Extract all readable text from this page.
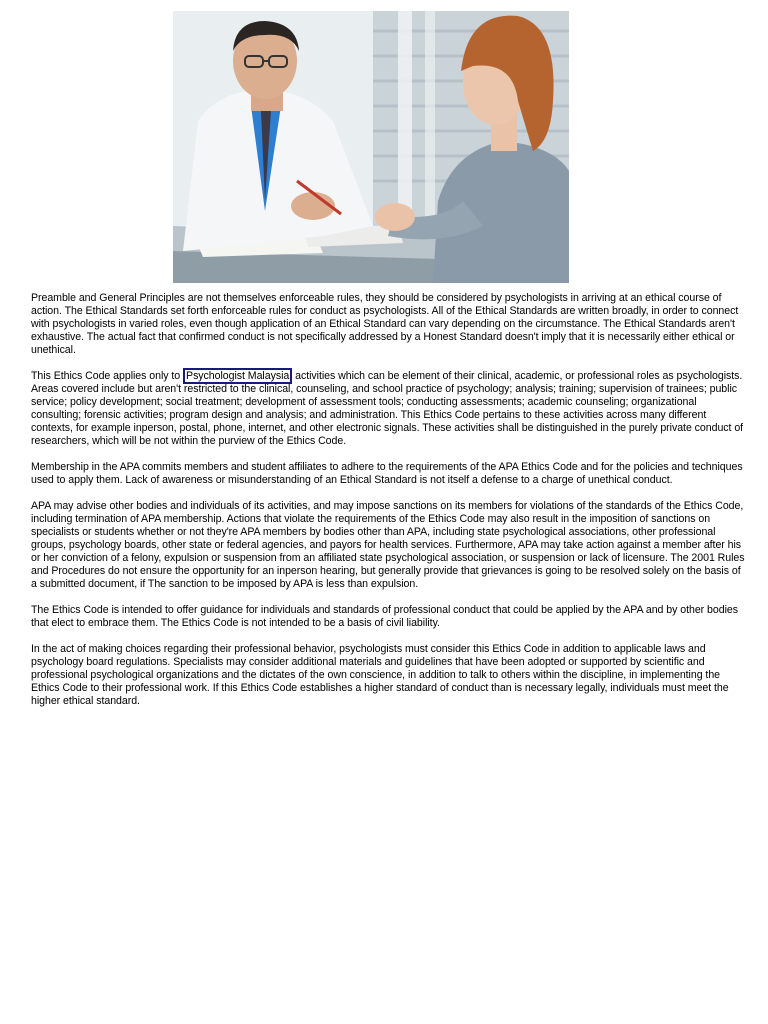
Preamble and General Principles are not themselves enforceable rules, they should be considered by psychologists in arriving at an ethical course of action. The Ethical Standards set forth enforceable rules for conduct as psychologists. All of the Ethical Standards are written broadly, in order to connect with psychologists in varied roles, even though application of an Ethical Standard can vary depending on the circumstance. The Ethical Standards aren't exhaustive. The actual fact that confirmed conduct is not specifically addressed by a Honest Standard doesn't imply that it is necessarily either ethical or unethical.

This Ethics Code applies only to Psychologist Malaysia activities which can be element of their clinical, academic, or professional roles as psychologists. Areas covered include but aren't restricted to the clinical, counseling, and school practice of psychology; analysis; training; supervision of trainees; public service; policy development; social treatment; development of assessment tools; conducting assessments; academic counseling; organizational consulting; forensic activities; program design and analysis; and administration. This Ethics Code pertains to these activities across many different contexts, for example inperson, postal, phone, internet, and other electronic signals. These activities shall be distinguished in the purely private conduct of researchers, which will be not within the purview of the Ethics Code.

Membership in the APA commits members and student affiliates to adhere to the requirements of the APA Ethics Code and for the policies and techniques used to apply them. Lack of awareness or misunderstanding of an Ethical Standard is not itself a defense to a charge of unethical conduct.

APA may advise other bodies and individuals of its activities, and may impose sanctions on its members for violations of the standards of the Ethics Code, including termination of APA membership. Actions that violate the requirements of the Ethics Code may also result in the imposition of sanctions on specialists or students whether or not they're APA members by bodies other than APA, including state psychological associations, other professional groups, psychology boards, other state or federal agencies, and payors for health services. Furthermore, APA may take action against a member after his or her conviction of a felony, expulsion or suspension from an affiliated state psychological association, or suspension or lack of licensure. The 2001 Rules and Procedures do not ensure the opportunity for an inperson hearing, but generally provide that grievances is going to be resolved solely on the basis of a submitted document, if The sanction to be imposed by APA is less than expulsion.

The Ethics Code is intended to offer guidance for individuals and standards of professional conduct that could be applied by the APA and by other bodies that elect to embrace them. The Ethics Code is not intended to be a basis of civil liability.

In the act of making choices regarding their professional behavior, psychologists must consider this Ethics Code in addition to applicable laws and psychology board regulations. Specialists may consider additional materials and guidelines that have been adopted or supported by scientific and professional psychological organizations and the dictates of the own conscience, in addition to talk to others within the discipline, in implementing the Ethics Code to their professional work. If this Ethics Code establishes a higher standard of conduct than is necessary legally, individuals must meet the higher ethical standard.
